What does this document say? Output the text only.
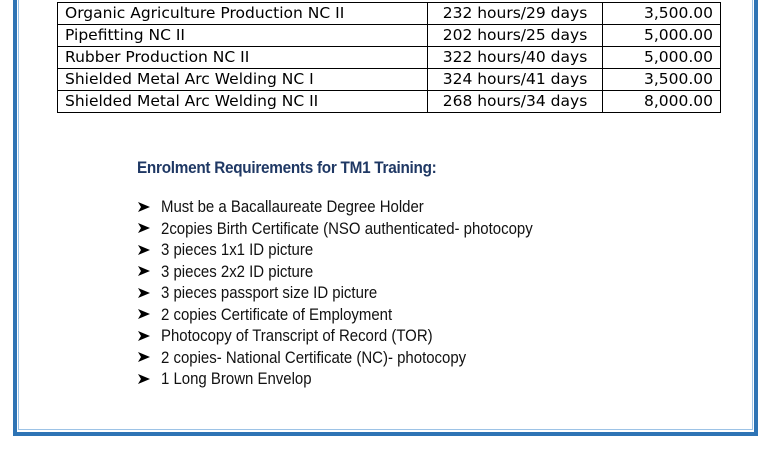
Organic Agriculture Production NC II	232 hours/29 days	3,500.00
Pipefitting NC II	202 hours/25 days	5,000.00
Rubber Production NC II	322 hours/40 days	5,000.00
Shielded Metal Arc Welding NC I	324 hours/41 days	3,500.00
Shielded Metal Arc Welding NC II	268 hours/34 days	8,000.00
Enrolment Requirements for TM1 Training:
Must be a Bacallaureate Degree Holder
2copies Birth Certificate (NSO authenticated- photocopy
3 pieces 1x1 ID picture
3 pieces 2x2 ID picture
3 pieces passport size ID picture
2 copies Certificate of Employment
Photocopy of Transcript of Record (TOR)
2 copies- National Certificate (NC)- photocopy
1 Long Brown Envelop
